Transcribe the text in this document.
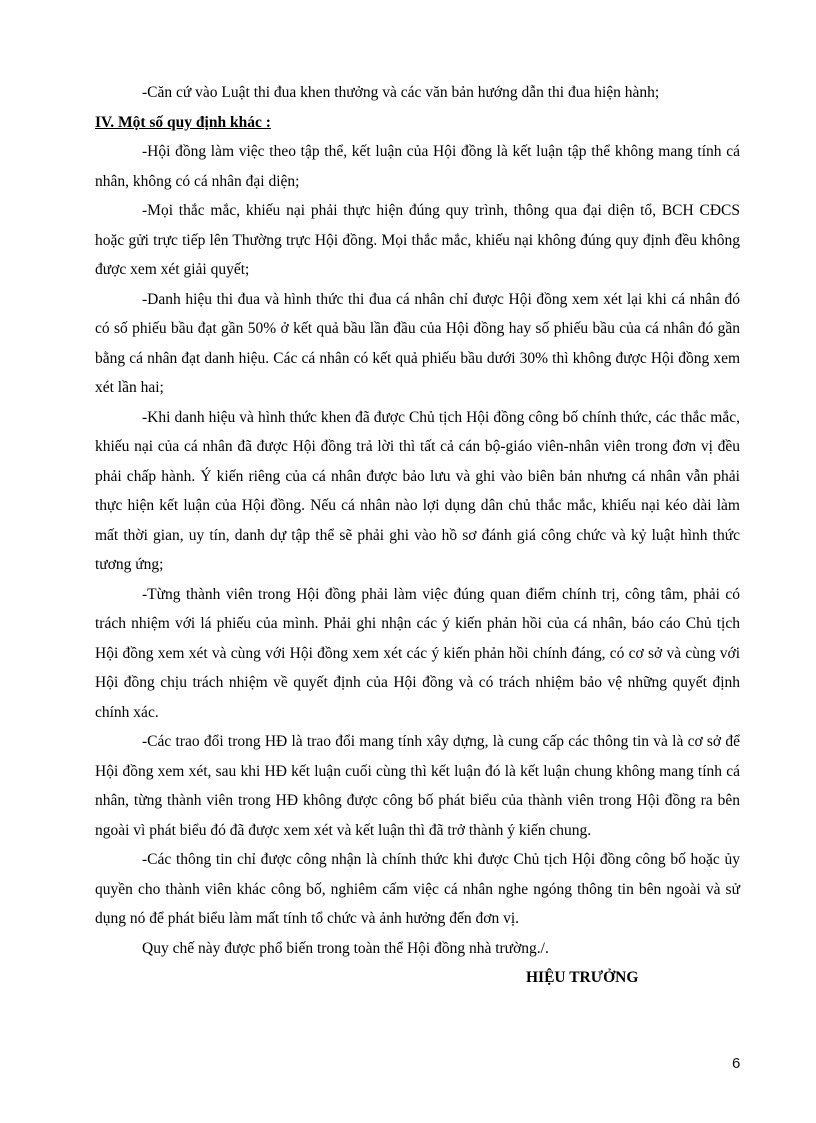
-Căn cứ vào Luật thi đua khen thưởng và các văn bản hướng dẫn thi đua hiện hành;

IV. Một số quy định khác :

-Hội đồng làm việc theo tập thể, kết luận của Hội đồng là kết luận tập thể không mang tính cá nhân, không có cá nhân đại diện;

-Mọi thắc mắc, khiếu nại phải thực hiện đúng quy trình, thông qua đại diện tổ, BCH CĐCS hoặc gửi trực tiếp lên Thường trực Hội đồng. Mọi thắc mắc, khiếu nại không đúng quy định đều không được xem xét giải quyết;

-Danh hiệu thi đua và hình thức thi đua cá nhân chỉ được Hội đồng xem xét lại khi cá nhân đó có số phiếu bầu đạt gần 50% ở kết quả bầu lần đầu của Hội đồng hay số phiếu bầu của cá nhân đó gần bằng cá nhân đạt danh hiệu. Các cá nhân có kết quả phiếu bầu dưới 30% thì không được Hội đồng xem xét lần hai;

-Khi danh hiệu và hình thức khen đã được Chủ tịch Hội đồng công bố chính thức, các thắc mắc, khiếu nại của cá nhân đã được Hội đồng trả lời thì tất cả cán bộ-giáo viên-nhân viên trong đơn vị đều phải chấp hành. Ý kiến riêng của cá nhân được bảo lưu và ghi vào biên bản nhưng cá nhân vẫn phải thực hiện kết luận của Hội đồng. Nếu cá nhân nào lợi dụng dân chủ thắc mắc, khiếu nại kéo dài làm mất thời gian, uy tín, danh dự tập thể sẽ phải ghi vào hồ sơ đánh giá công chức và kỷ luật hình thức tương ứng;

-Từng thành viên trong Hội đồng phải làm việc đúng quan điểm chính trị, công tâm, phải có trách nhiệm với lá phiếu của mình. Phải ghi nhận các ý kiến phản hồi của cá nhân, báo cáo Chủ tịch Hội đồng xem xét và cùng với Hội đồng xem xét các ý kiến phản hồi chính đáng, có cơ sở và cùng với Hội đồng chịu trách nhiệm về quyết định của Hội đồng và có trách nhiệm bảo vệ những quyết định chính xác.

-Các trao đổi trong HĐ là trao đổi mang tính xây dựng, là cung cấp các thông tin và là cơ sở để Hội đồng xem xét, sau khi HĐ kết luận cuối cùng thì kết luận đó là kết luận chung không mang tính cá nhân, từng thành viên trong HĐ không được công bố phát biểu của thành viên trong Hội đồng ra bên ngoài vì phát biểu đó đã được xem xét và kết luận thì đã trở thành ý kiến chung.

-Các thông tin chỉ được công nhận là chính thức khi được Chủ tịch Hội đồng công bố hoặc ủy quyền cho thành viên khác công bố, nghiêm cấm việc cá nhân nghe ngóng thông tin bên ngoài và sử dụng nó để phát biểu làm mất tính tổ chức và ảnh hưởng đến đơn vị.

Quy chế này được phổ biến trong toàn thể Hội đồng nhà trường./.

HIỆU TRƯỞNG

6
